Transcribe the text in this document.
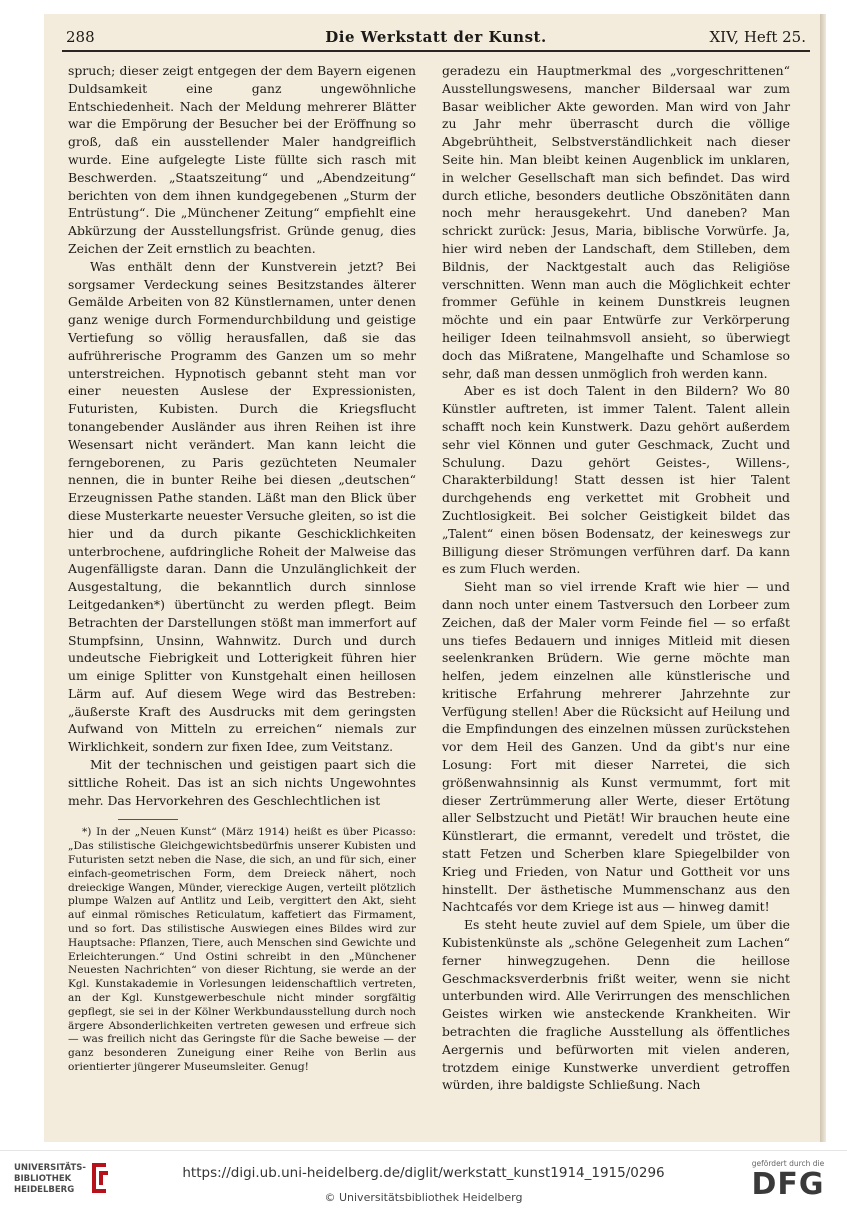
288	Die Werkstatt der Kunst.	XIV, Heft 25.

spruch; dieser zeigt entgegen der dem Bayern eigenen Duldsamkeit eine ganz ungewöhnliche Entschiedenheit. Nach der Meldung mehrerer Blätter war die Empörung der Besucher bei der Eröffnung so groß, daß ein ausstellender Maler handgreiflich wurde. Eine aufgelegte Liste füllte sich rasch mit Beschwerden. „Staatszeitung“ und „Abendzeitung“ berichten von dem ihnen kundgegebenen „Sturm der Entrüstung“. Die „Münchener Zeitung“ empfiehlt eine Abkürzung der Ausstellungsfrist. Gründe genug, dies Zeichen der Zeit ernstlich zu beachten.

Was enthält denn der Kunstverein jetzt? Bei sorgsamer Verdeckung seines Besitzstandes älterer Gemälde Arbeiten von 82 Künstlernamen, unter denen ganz wenige durch Formendurchbildung und geistige Vertiefung so völlig herausfallen, daß sie das aufrührerische Programm des Ganzen um so mehr unterstreichen. Hypnotisch gebannt steht man vor einer neuesten Auslese der Expressionisten, Futuristen, Kubisten. Durch die Kriegsflucht tonangebender Ausländer aus ihren Reihen ist ihre Wesensart nicht verändert. Man kann leicht die ferngeborenen, zu Paris gezüchteten Neumaler nennen, die in bunter Reihe bei diesen „deutschen“ Erzeugnissen Pathe standen. Läßt man den Blick über diese Musterkarte neuester Versuche gleiten, so ist die hier und da durch pikante Geschicklichkeiten unterbrochene, aufdringliche Roheit der Malweise das Augenfälligste daran. Dann die Unzulänglichkeit der Ausgestaltung, die bekanntlich durch sinnlose Leitgedanken*) übertüncht zu werden pflegt. Beim Betrachten der Darstellungen stößt man immerfort auf Stumpfsinn, Unsinn, Wahnwitz. Durch und durch undeutsche Fiebrigkeit und Lotterigkeit führen hier um einige Splitter von Kunstgehalt einen heillosen Lärm auf. Auf diesem Wege wird das Bestreben: „äußerste Kraft des Ausdrucks mit dem geringsten Aufwand von Mitteln zu erreichen“ niemals zur Wirklichkeit, sondern zur fixen Idee, zum Veitstanz.

Mit der technischen und geistigen paart sich die sittliche Roheit. Das ist an sich nichts Ungewohntes mehr. Das Hervorkehren des Geschlechtlichen ist

*) In der „Neuen Kunst“ (März 1914) heißt es über Picasso: „Das stilistische Gleichgewichtsbedürfnis unserer Kubisten und Futuristen setzt neben die Nase, die sich, an und für sich, einer einfach-geometrischen Form, dem Dreieck nähert, noch dreieckige Wangen, Münder, viereckige Augen, verteilt plötzlich plumpe Walzen auf Antlitz und Leib, vergittert den Akt, sieht auf einmal römisches Reticulatum, kaffetiert das Firmament, und so fort. Das stilistische Auswiegen eines Bildes wird zur Hauptsache: Pflanzen, Tiere, auch Menschen sind Gewichte und Erleichterungen.“ Und Ostini schreibt in den „Münchener Neuesten Nachrichten“ von dieser Richtung, sie werde an der Kgl. Kunstakademie in Vorlesungen leidenschaftlich vertreten, an der Kgl. Kunstgewerbeschule nicht minder sorgfältig gepflegt, sie sei in der Kölner Werkbundausstellung durch noch ärgere Absonderlichkeiten vertreten gewesen und erfreue sich — was freilich nicht das Geringste für die Sache beweise — der ganz besonderen Zuneigung einer Reihe von Berlin aus orientierter jüngerer Museumsleiter. Genug!

geradezu ein Hauptmerkmal des „vorgeschrittenen“ Ausstellungswesens, mancher Bildersaal war zum Basar weiblicher Akte geworden. Man wird von Jahr zu Jahr mehr überrascht durch die völlige Abgebrühtheit, Selbstverständlichkeit nach dieser Seite hin. Man bleibt keinen Augenblick im unklaren, in welcher Gesellschaft man sich befindet. Das wird durch etliche, besonders deutliche Obszönitäten dann noch mehr herausgekehrt. Und daneben? Man schrickt zurück: Jesus, Maria, biblische Vorwürfe. Ja, hier wird neben der Landschaft, dem Stilleben, dem Bildnis, der Nacktgestalt auch das Religiöse verschnitten. Wenn man auch die Möglichkeit echter frommer Gefühle in keinem Dunstkreis leugnen möchte und ein paar Entwürfe zur Verkörperung heiliger Ideen teilnahmsvoll ansieht, so überwiegt doch das Mißratene, Mangelhafte und Schamlose so sehr, daß man dessen unmöglich froh werden kann.

Aber es ist doch Talent in den Bildern? Wo 80 Künstler auftreten, ist immer Talent. Talent allein schafft noch kein Kunstwerk. Dazu gehört außerdem sehr viel Können und guter Geschmack, Zucht und Schulung. Dazu gehört Geistes-, Willens-, Charakterbildung! Statt dessen ist hier Talent durchgehends eng verkettet mit Grobheit und Zuchtlosigkeit. Bei solcher Geistigkeit bildet das „Talent“ einen bösen Bodensatz, der keineswegs zur Billigung dieser Strömungen verführen darf. Da kann es zum Fluch werden.

Sieht man so viel irrende Kraft wie hier — und dann noch unter einem Tastversuch den Lorbeer zum Zeichen, daß der Maler vorm Feinde fiel — so erfaßt uns tiefes Bedauern und inniges Mitleid mit diesen seelenkranken Brüdern. Wie gerne möchte man helfen, jedem einzelnen alle künstlerische und kritische Erfahrung mehrerer Jahrzehnte zur Verfügung stellen! Aber die Rücksicht auf Heilung und die Empfindungen des einzelnen müssen zurückstehen vor dem Heil des Ganzen. Und da gibt's nur eine Losung: Fort mit dieser Narretei, die sich größenwahnsinnig als Kunst vermummt, fort mit dieser Zertrümmerung aller Werte, dieser Ertötung aller Selbstzucht und Pietät! Wir brauchen heute eine Künstlerart, die ermannt, veredelt und tröstet, die statt Fetzen und Scherben klare Spiegelbilder von Krieg und Frieden, von Natur und Gottheit vor uns hinstellt. Der ästhetische Mummenschanz aus den Nachtcafés vor dem Kriege ist aus — hinweg damit!

Es steht heute zuviel auf dem Spiele, um über die Kubistenkünste als „schöne Gelegenheit zum Lachen“ ferner hinwegzugehen. Denn die heillose Geschmacksverderbnis frißt weiter, wenn sie nicht unterbunden wird. Alle Verirrungen des menschlichen Geistes wirken wie ansteckende Krankheiten. Wir betrachten die fragliche Ausstellung als öffentliches Aergernis und befürworten mit vielen anderen, trotzdem einige Kunstwerke unverdient getroffen würden, ihre baldigste Schließung. Nach

UNIVERSITÄTS-
BIBLIOTHEK
HEIDELBERG
https://digi.ub.uni-heidelberg.de/diglit/werkstatt_kunst1914_1915/0296
© Universitätsbibliothek Heidelberg
gefördert durch die
DFG
